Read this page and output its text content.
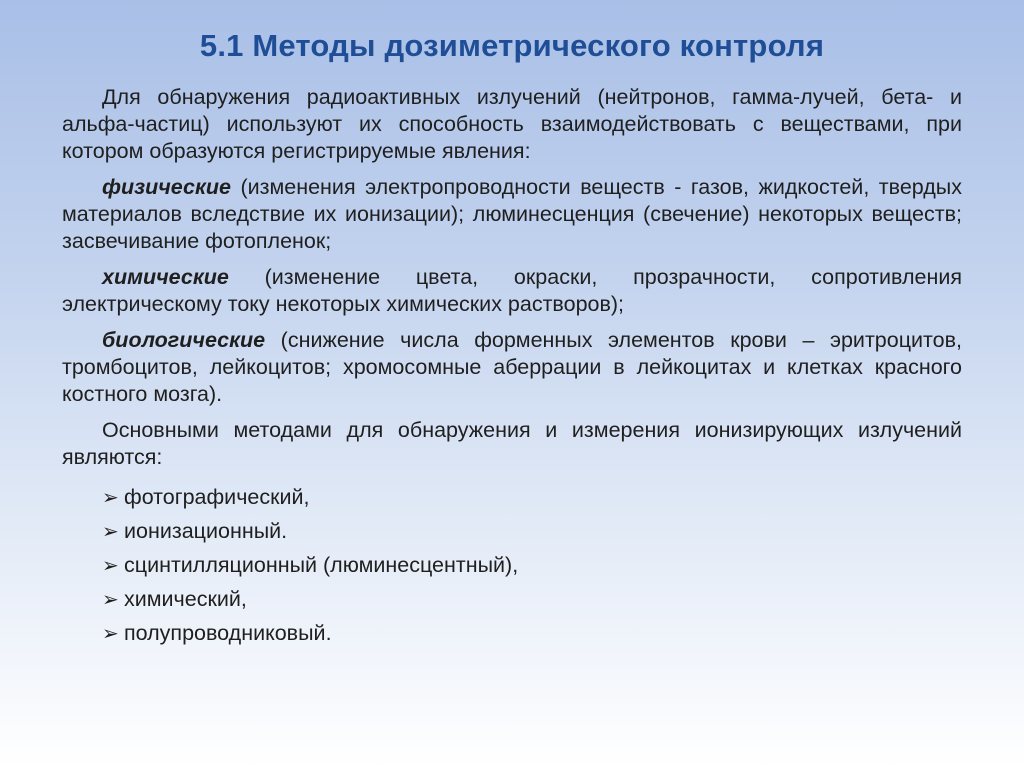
5.1 Методы дозиметрического контроля

Для обнаружения радиоактивных излучений (нейтронов, гамма-лучей, бета- и альфа-частиц) используют их способность взаимодействовать с веществами, при котором образуются регистрируемые явления:

физические (изменения электропроводности веществ - газов, жидкостей, твердых материалов вследствие их ионизации); люминесценция (свечение) некоторых веществ; засвечивание фотопленок;

химические (изменение цвета, окраски, прозрачности, сопротивления электрическому току некоторых химических растворов);

биологические (снижение числа форменных элементов крови – эритроцитов, тромбоцитов, лейкоцитов; хромосомные аберрации в лейкоцитах и клетках красного костного мозга).

Основными методами для обнаружения и измерения ионизирующих излучений являются:

➢ фотографический,
➢ ионизационный.
➢ сцинтилляционный (люминесцентный),
➢ химический,
➢ полупроводниковый.
